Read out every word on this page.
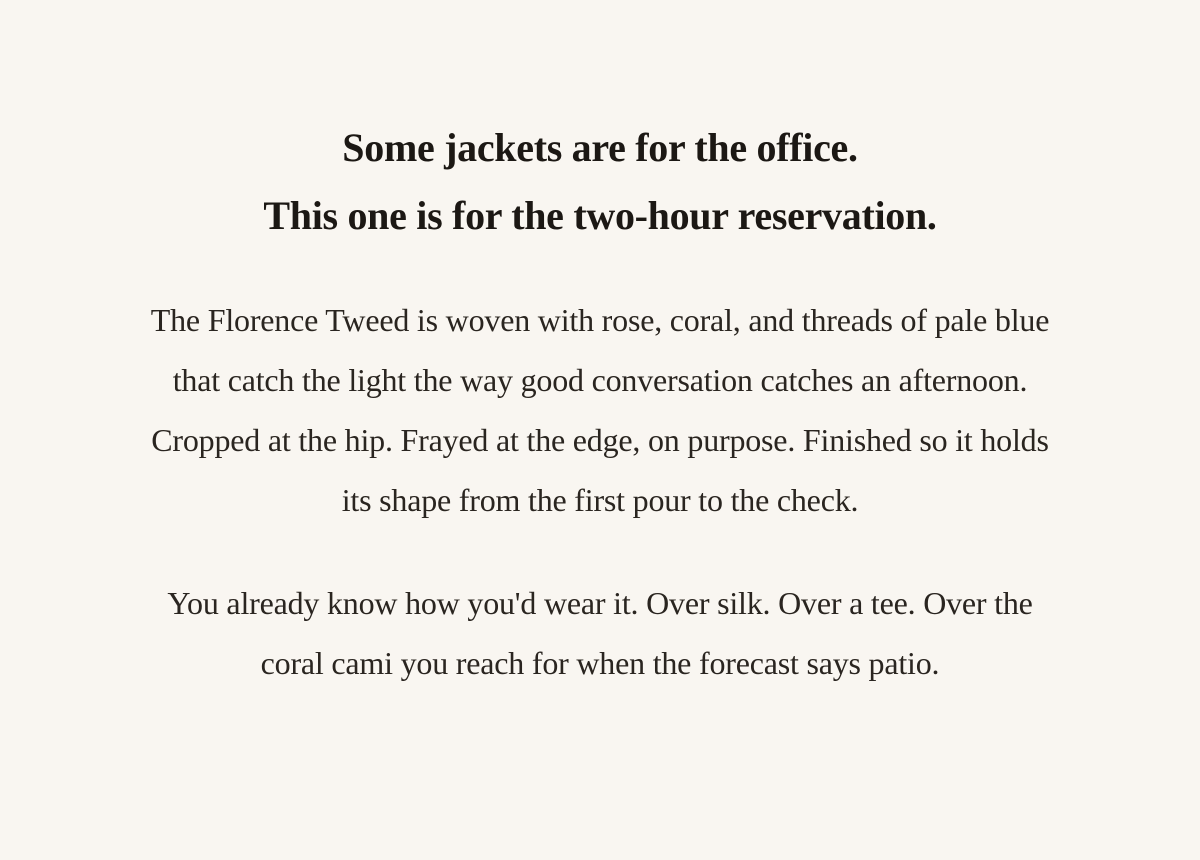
Some jackets are for the office.
This one is for the two-hour reservation.

The Florence Tweed is woven with rose, coral, and threads of pale blue that catch the light the way good conversation catches an afternoon. Cropped at the hip. Frayed at the edge, on purpose. Finished so it holds its shape from the first pour to the check.

You already know how you'd wear it. Over silk. Over a tee. Over the coral cami you reach for when the forecast says patio.
